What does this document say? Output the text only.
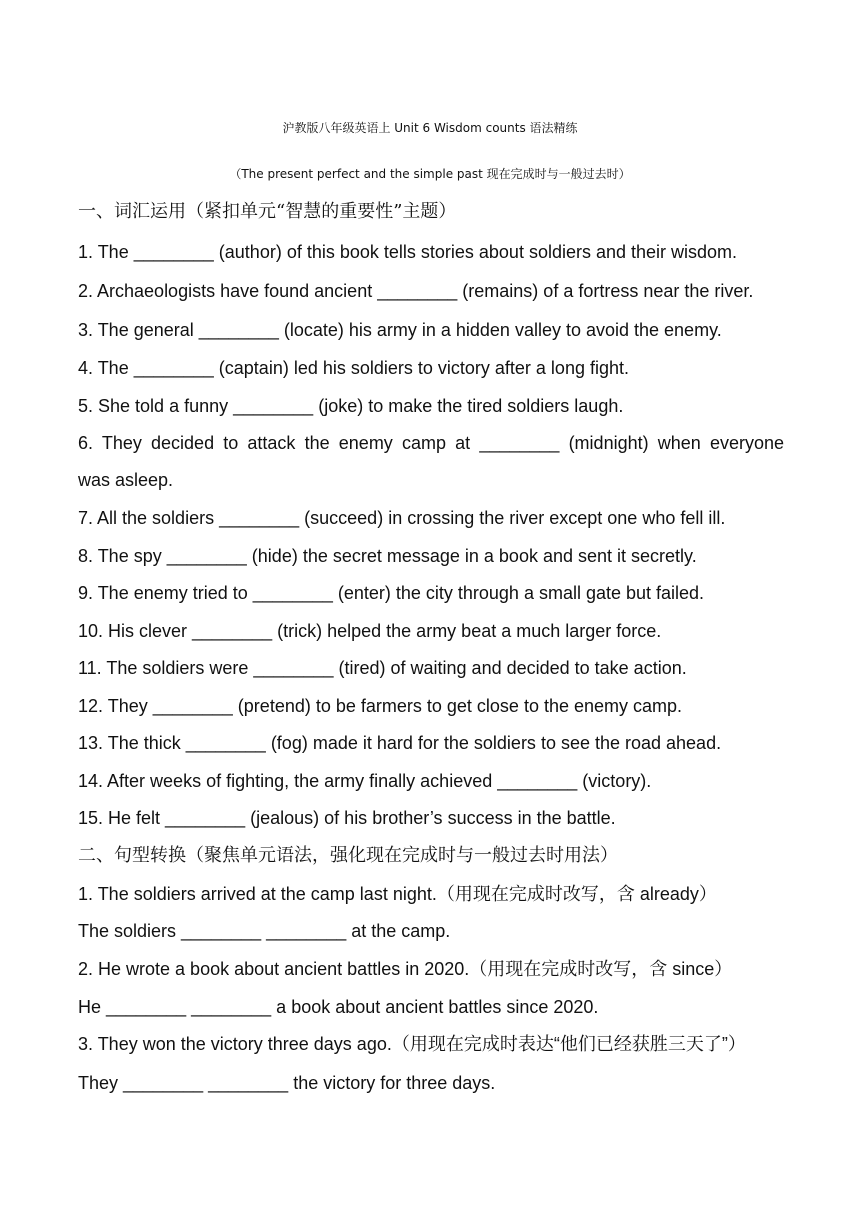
沪教版八年级英语上 Unit 6 Wisdom counts 语法精练
（The present perfect and the simple past 现在完成时与一般过去时）
一、词汇运用（紧扣单元“智慧的重要性”主题）
1. The ________ (author) of this book tells stories about soldiers and their wisdom.
2. Archaeologists have found ancient ________ (remains) of a fortress near the river.
3. The general ________ (locate) his army in a hidden valley to avoid the enemy.
4. The ________ (captain) led his soldiers to victory after a long fight.
5. She told a funny ________ (joke) to make the tired soldiers laugh.
6. They decided to attack the enemy camp at ________ (midnight) when everyone
was asleep.
7. All the soldiers ________ (succeed) in crossing the river except one who fell ill.
8. The spy ________ (hide) the secret message in a book and sent it secretly.
9. The enemy tried to ________ (enter) the city through a small gate but failed.
10. His clever ________ (trick) helped the army beat a much larger force.
11. The soldiers were ________ (tired) of waiting and decided to take action.
12. They ________ (pretend) to be farmers to get close to the enemy camp.
13. The thick ________ (fog) made it hard for the soldiers to see the road ahead.
14. After weeks of fighting, the army finally achieved ________ (victory).
15. He felt ________ (jealous) of his brother’s success in the battle.
二、句型转换（聚焦单元语法，强化现在完成时与一般过去时用法）
1. The soldiers arrived at the camp last night.（用现在完成时改写，含 already）
The soldiers ________ ________ at the camp.
2. He wrote a book about ancient battles in 2020.（用现在完成时改写，含 since）
He ________ ________ a book about ancient battles since 2020.
3. They won the victory three days ago.（用现在完成时表达“他们已经获胜三天了”）
They ________ ________ the victory for three days.
